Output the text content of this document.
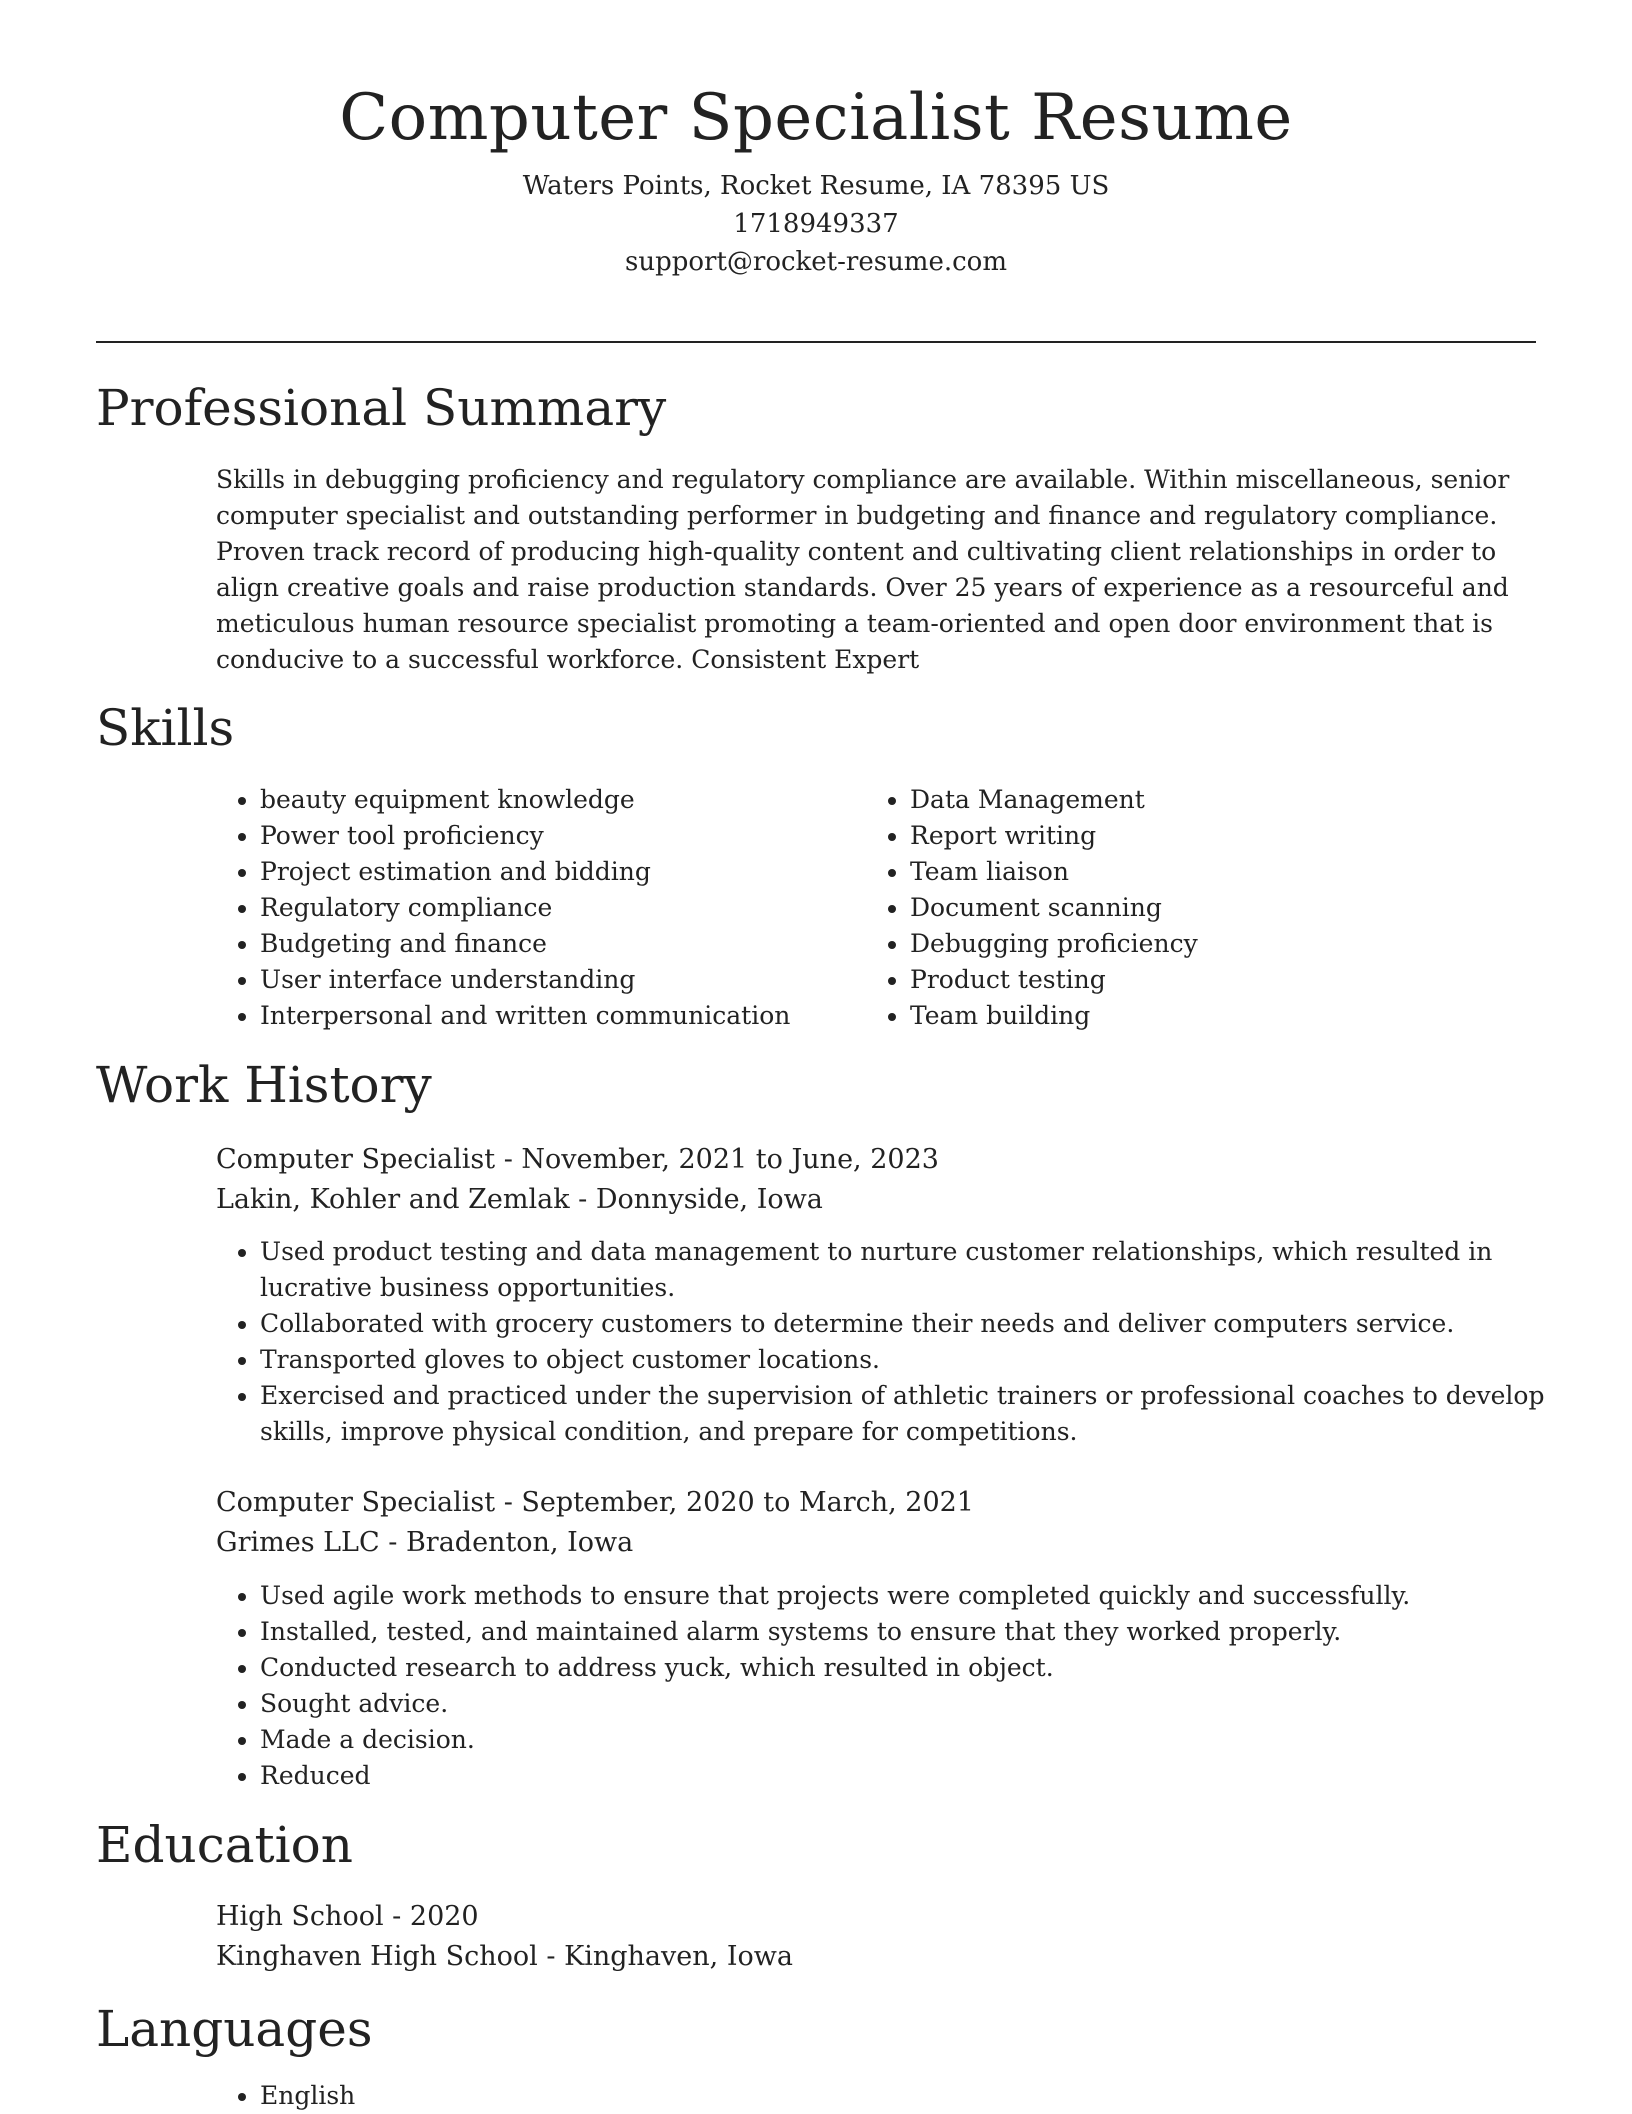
Computer Specialist Resume
Waters Points, Rocket Resume, IA 78395 US
1718949337
support@rocket-resume.com
Professional Summary
Skills in debugging proficiency and regulatory compliance are available. Within miscellaneous, senior computer specialist and outstanding performer in budgeting and finance and regulatory compliance. Proven track record of producing high-quality content and cultivating client relationships in order to align creative goals and raise production standards. Over 25 years of experience as a resourceful and meticulous human resource specialist promoting a team-oriented and open door environment that is conducive to a successful workforce. Consistent Expert
Skills
• beauty equipment knowledge
• Power tool proficiency
• Project estimation and bidding
• Regulatory compliance
• Budgeting and finance
• User interface understanding
• Interpersonal and written communication
• Data Management
• Report writing
• Team liaison
• Document scanning
• Debugging proficiency
• Product testing
• Team building
Work History
Computer Specialist - November, 2021 to June, 2023
Lakin, Kohler and Zemlak - Donnyside, Iowa
• Used product testing and data management to nurture customer relationships, which resulted in lucrative business opportunities.
• Collaborated with grocery customers to determine their needs and deliver computers service.
• Transported gloves to object customer locations.
• Exercised and practiced under the supervision of athletic trainers or professional coaches to develop skills, improve physical condition, and prepare for competitions.
Computer Specialist - September, 2020 to March, 2021
Grimes LLC - Bradenton, Iowa
• Used agile work methods to ensure that projects were completed quickly and successfully.
• Installed, tested, and maintained alarm systems to ensure that they worked properly.
• Conducted research to address yuck, which resulted in object.
• Sought advice.
• Made a decision.
• Reduced
Education
High School - 2020
Kinghaven High School - Kinghaven, Iowa
Languages
• English
